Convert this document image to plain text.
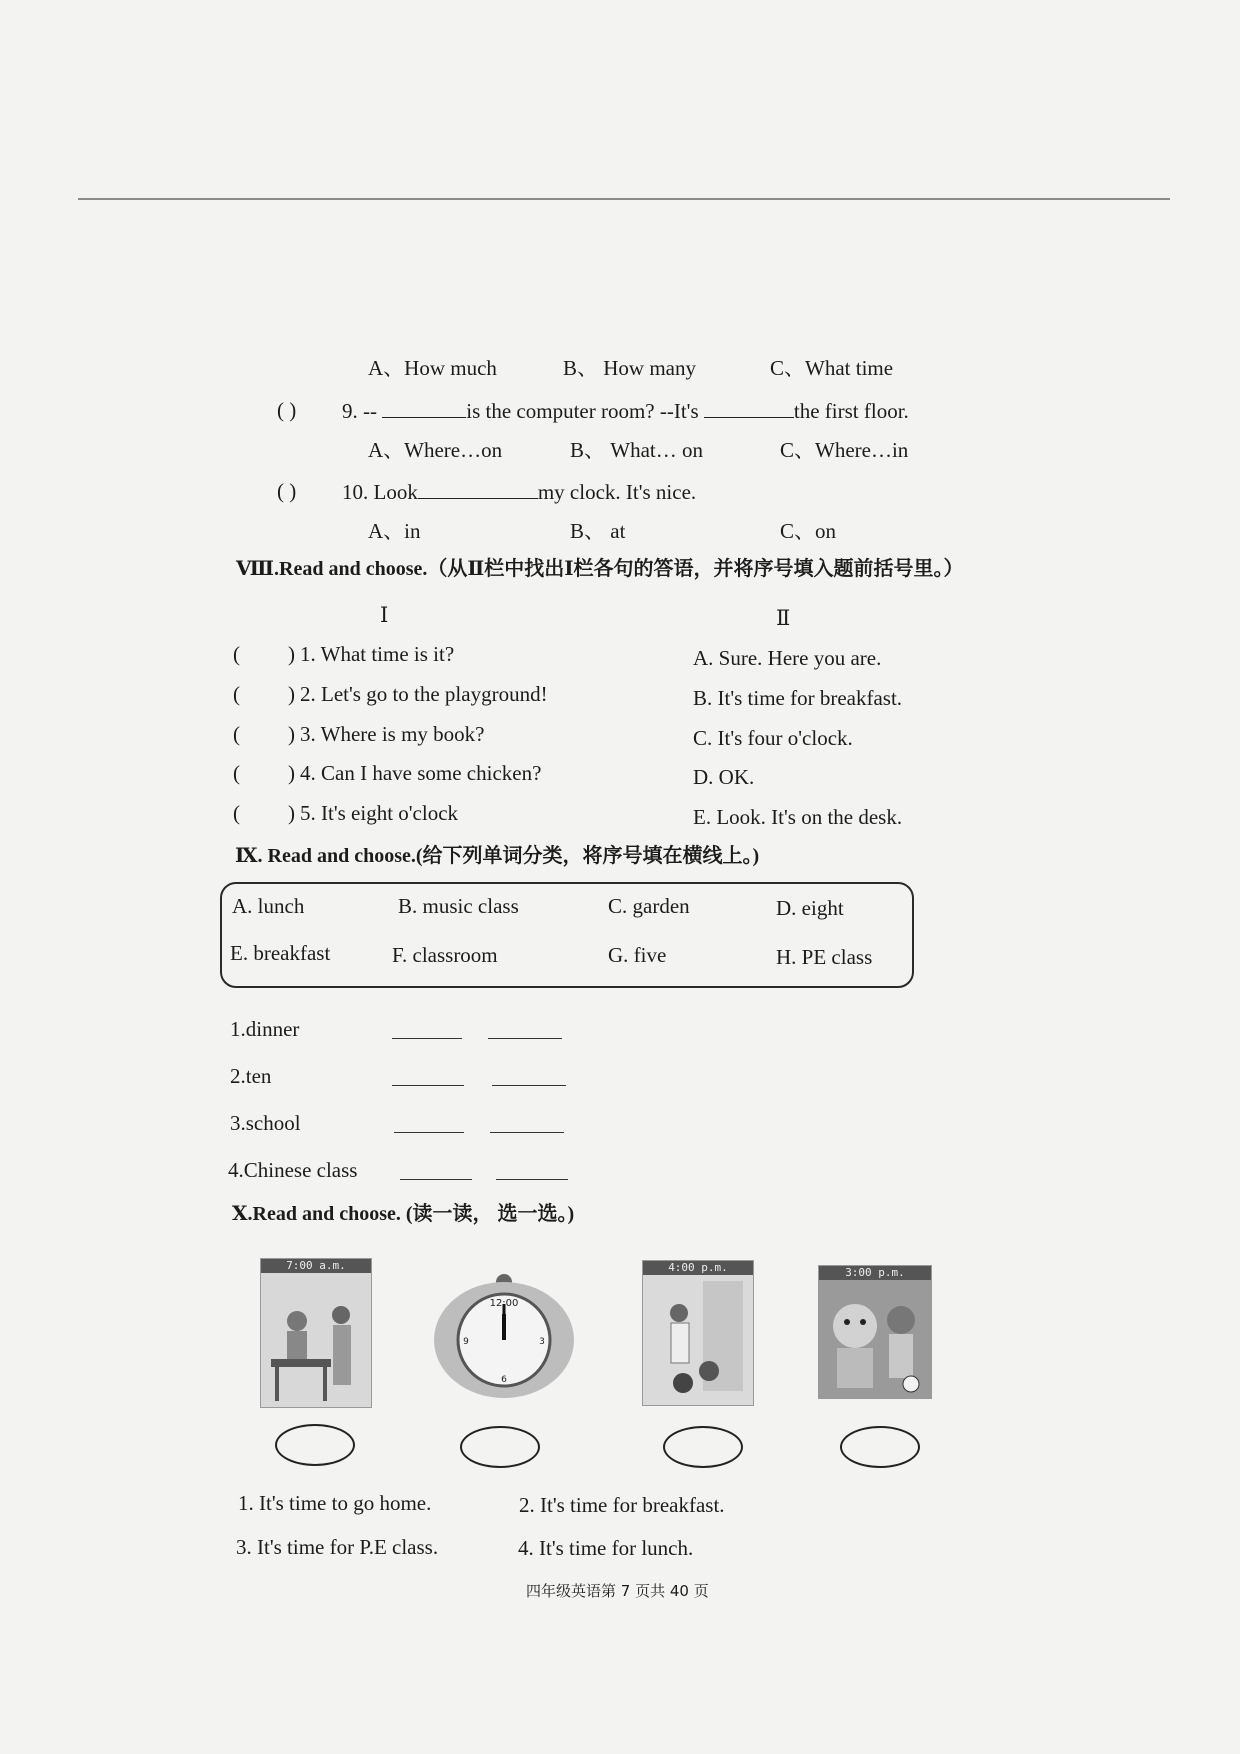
A、How much	B、 How many	C、What time
( ) 9. --	is the computer room? --It's	the first floor.
A、Where…on	B、 What… on	C、Where…in
( ) 10. Look	my clock. It's nice.
A、in	B、 at	C、on
Ⅷ.Read and choose.（从Ⅱ栏中找出Ⅰ栏各句的答语，并将序号填入题前括号里。）
Ⅰ	Ⅱ
( ) 1. What time is it?
( ) 2. Let's go to the playground!
( ) 3. Where is my book?
( ) 4. Can I have some chicken?
( ) 5. It's eight o'clock
A. Sure. Here you are.
B. It's time for breakfast.
C. It's four o'clock.
D. OK.
E. Look. It's on the desk.
Ⅸ. Read and choose.(给下列单词分类，将序号填在横线上。)
A. lunch	B. music class	C. garden	D. eight
E. breakfast	F. classroom	G. five	H. PE class
1.dinner
2.ten
3.school
4.Chinese class
Ⅹ.Read and choose. (读一读， 选一选。)
7:00 a.m.
12:00
3
6
9
4:00 p.m.	3:00 p.m.
1. It's time to go home.	2. It's time for breakfast.
3. It's time for P.E class.	4. It's time for lunch.
四年级英语第 7 页共 40 页
